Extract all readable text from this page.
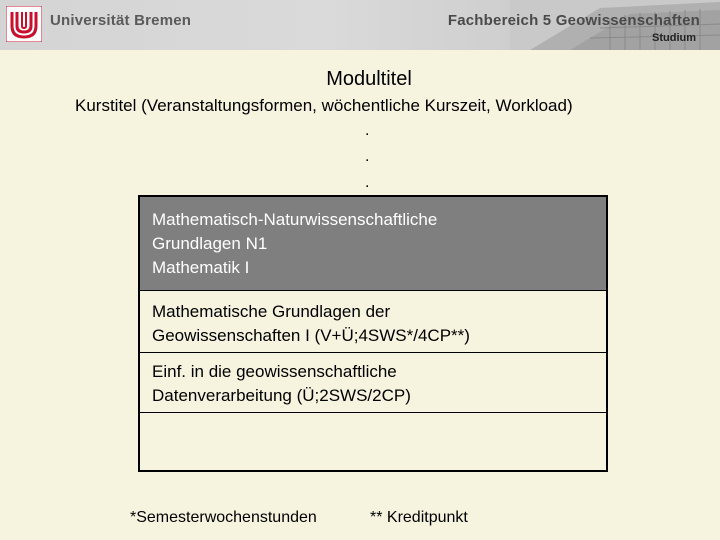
Universität Bremen	Fachbereich 5 Geowissenschaften
Studium
Modultitel
Kurstitel (Veranstaltungsformen, wöchentliche Kurszeit, Workload)
.
.
.
Mathematisch-Naturwissenschaftliche
Grundlagen N1
Mathematik I
Mathematische Grundlagen der
Geowissenschaften I (V+Ü;4SWS*/4CP**)
Einf. in die geowissenschaftliche
Datenverarbeitung (Ü;2SWS/2CP)
*Semesterwochenstunden	** Kreditpunkt
